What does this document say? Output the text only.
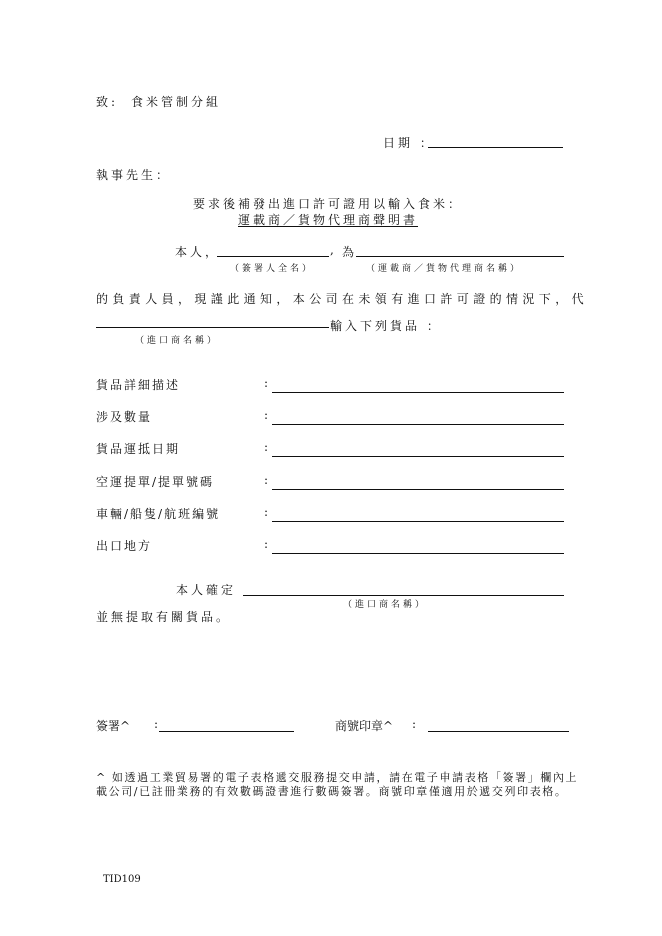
致: 食米管制分組
日期 ：
執事先生：
要求後補發出進口許可證用以輸入食米：
運載商／貨物代理商聲明書
本人，	, 為
（簽署人全名）	（運載商／貨物代理商名稱）
的負責人員，現謹此通知，本公司在未領有進口許可證的情況下，代
輸入下列貨品 ：
（進口商名稱）
貨品詳細描述	:
涉及數量	:
貨品運抵日期	:
空運提單/提單號碼	:
車輛/船隻/航班編號	:
出口地方	:
本人確定
（進口商名稱）
並無提取有關貨品。
簽署^ :	商號印章^ :
^ 如透過工業貿易署的電子表格遞交服務提交申請，請在電子申請表格「簽署」欄內上
載公司/已註冊業務的有效數碼證書進行數碼簽署。商號印章僅適用於遞交列印表格。
TID109
